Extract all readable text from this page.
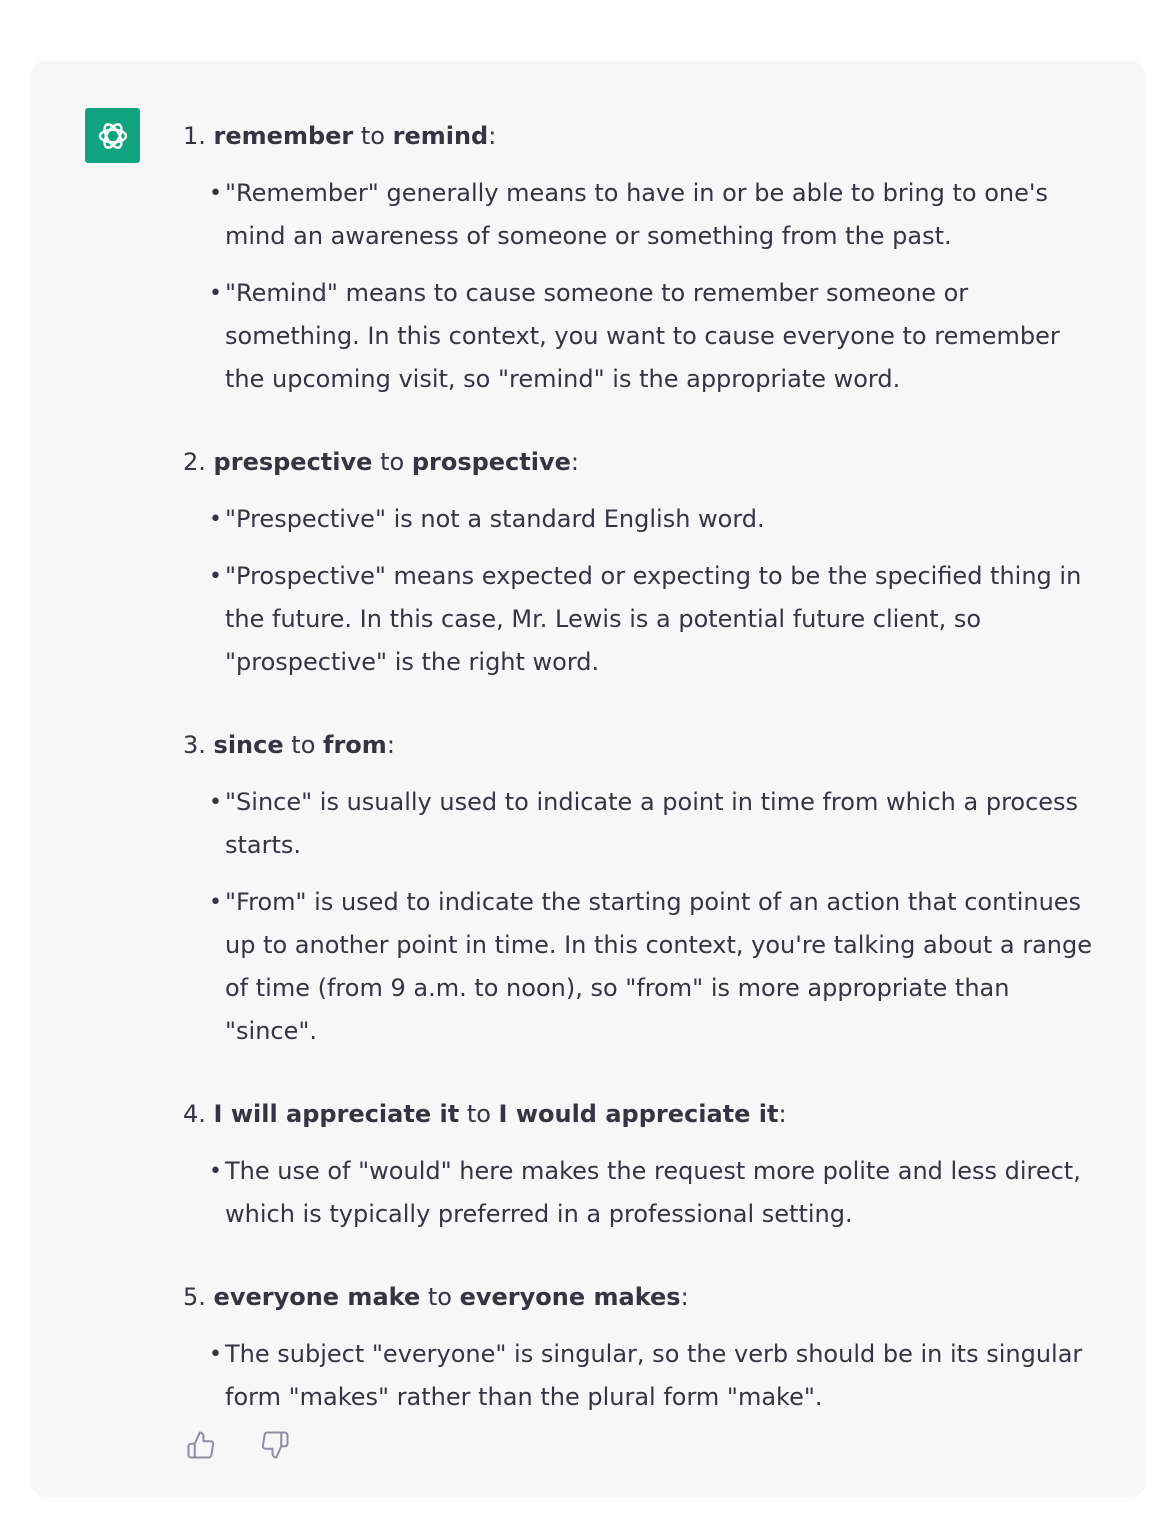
1. remember to remind:
• "Remember" generally means to have in or be able to bring to one's mind an awareness of someone or something from the past.
• "Remind" means to cause someone to remember someone or something. In this context, you want to cause everyone to remember the upcoming visit, so "remind" is the appropriate word.
2. prespective to prospective:
• "Prespective" is not a standard English word.
• "Prospective" means expected or expecting to be the specified thing in the future. In this case, Mr. Lewis is a potential future client, so "prospective" is the right word.
3. since to from:
• "Since" is usually used to indicate a point in time from which a process starts.
• "From" is used to indicate the starting point of an action that continues up to another point in time. In this context, you're talking about a range of time (from 9 a.m. to noon), so "from" is more appropriate than "since".
4. I will appreciate it to I would appreciate it:
• The use of "would" here makes the request more polite and less direct, which is typically preferred in a professional setting.
5. everyone make to everyone makes:
• The subject "everyone" is singular, so the verb should be in its singular form "makes" rather than the plural form "make".
